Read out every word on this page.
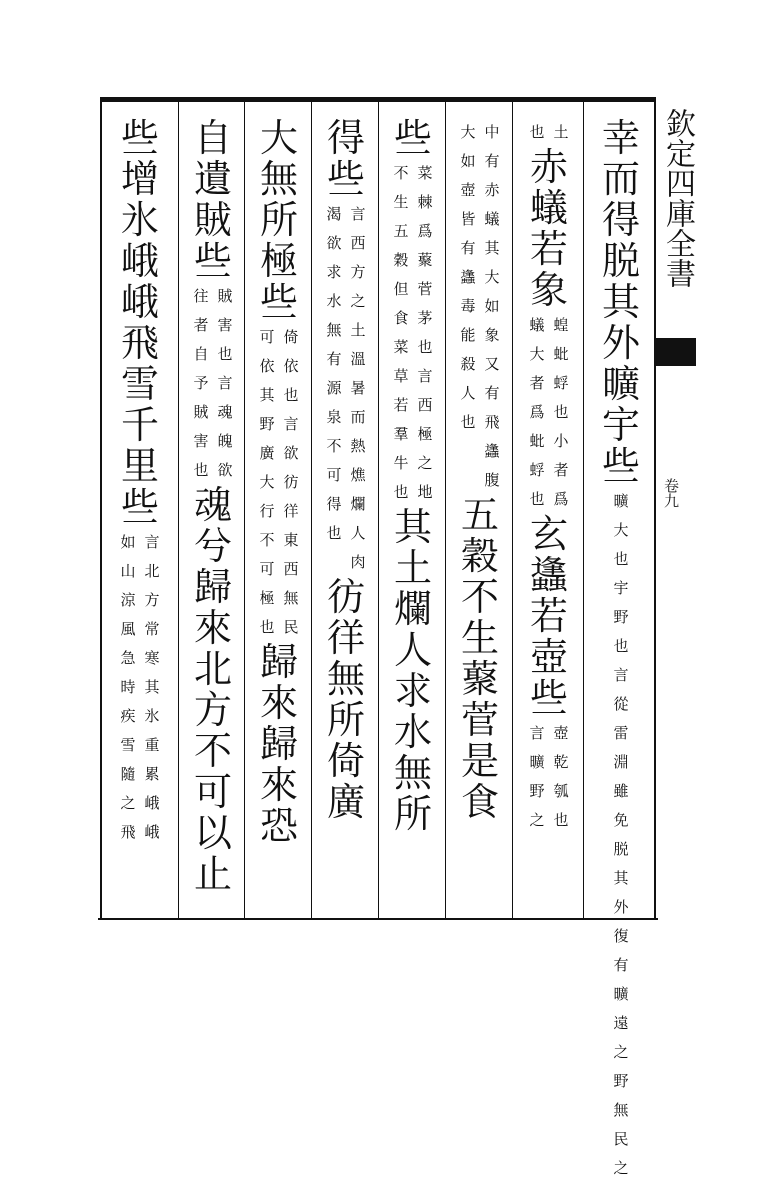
欽定四庫全書
卷九
幸
而
得
脱
其
外
曠
宇
些
曠
大
也
宇
野
也
言
從
雷
淵
雖
免
脱
其
外
復
有
曠
遠
之
野
無
民
之
土
也
赤
蟻
若
象
蝗
蚍
蜉
也
小
者
爲
蟻
大
者
爲
蚍
蜉
也
玄
蠭
若
壺
些
壺
乾
瓠
也
言
曠
野
之
中
有
赤
蟻
其
大
如
象
又
有
飛
蠭
腹
大
如
壺
皆
有
蠭
毒
能
殺
人
也
五
穀
不
生
藂
菅
是
食
些
菜
棘
爲
藂
菅
茅
也
言
西
極
之
地
不
生
五
穀
但
食
菜
草
若
羣
牛
也
其
土
爛
人
求
水
無
所
得
些
言
西
方
之
土
溫
暑
而
熱
燋
爛
人
肉
渴
欲
求
水
無
有
源
泉
不
可
得
也
彷
徉
無
所
倚
廣
大
無
所
極
些
倚
依
也
言
欲
彷
徉
東
西
無
民
可
依
其
野
廣
大
行
不
可
極
也
歸
來
歸
來
恐
自
遺
賊
些
賊
害
也
言
魂
魄
欲
往
者
自
予
賊
害
也
魂
兮
歸
來
北
方
不
可
以
止
些
增
氷
峨
峨
飛
雪
千
里
些
言
北
方
常
寒
其
氷
重
累
峨
峨
如
山
涼
風
急
時
疾
雪
隨
之
飛
